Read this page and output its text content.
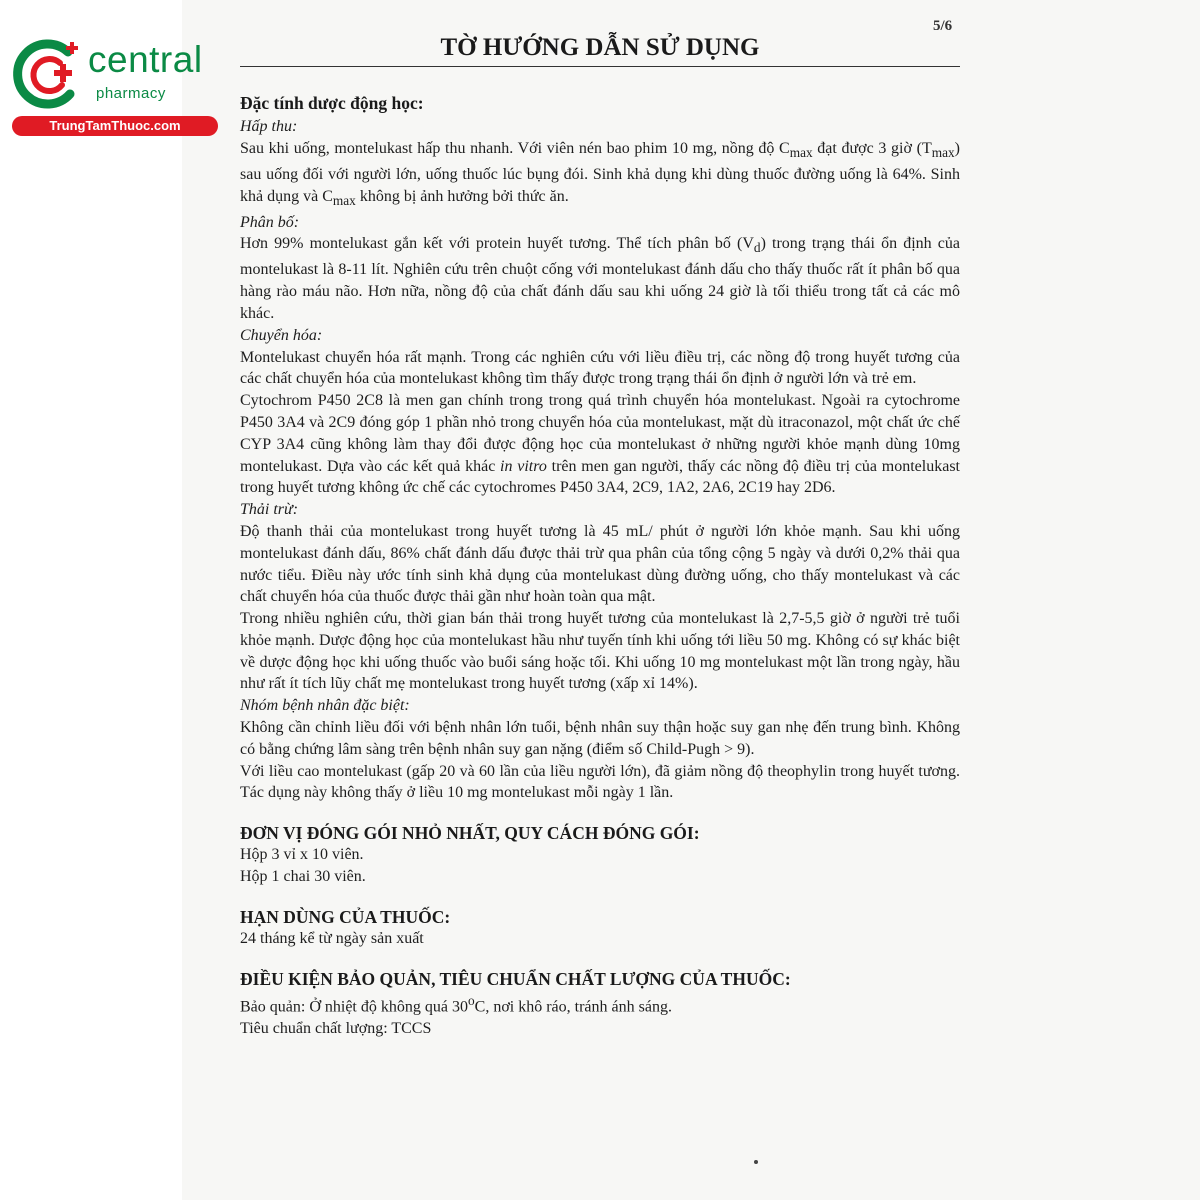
central

pharmacy
TrungTamThuoc.com
5/6
TỜ HƯỚNG DẪN SỬ DỤNG
Đặc tính dược động học:
Hấp thu:

Sau khi uống, montelukast hấp thu nhanh. Với viên nén bao phim 10 mg, nồng độ $C_{max}$ đạt được 3 giờ $(T_{max})$ sau uống đối với người lớn, uống thuốc lúc bụng đói. Sinh khả dụng khi dùng thuốc đường uống là 64%. Sinh khả dụng và $C_{max}$ không bị ảnh hưởng bởi thức ăn.

Phân bố:

Hơn 99% montelukast gắn kết với protein huyết tương. Thể tích phân bố $(V_d)$ trong trạng thái ổn định của montelukast là 8-11 lít. Nghiên cứu trên chuột cống với montelukast đánh dấu cho thấy thuốc rất ít phân bố qua hàng rào máu não. Hơn nữa, nồng độ của chất đánh dấu sau khi uống 24 giờ là tối thiểu trong tất cả các mô khác.

Chuyển hóa:

Montelukast chuyển hóa rất mạnh. Trong các nghiên cứu với liều điều trị, các nồng độ trong huyết tương của các chất chuyển hóa của montelukast không tìm thấy được trong trạng thái ổn định ở người lớn và trẻ em.

Cytochrom P450 2C8 là men gan chính trong trong quá trình chuyển hóa montelukast. Ngoài ra cytochrome P450 3A4 và 2C9 đóng góp 1 phần nhỏ trong chuyển hóa của montelukast, mặt dù itraconazol, một chất ức chế CYP 3A4 cũng không làm thay đổi được động học của montelukast ở những người khỏe mạnh dùng 10mg montelukast. Dựa vào các kết quả khác in vitro trên men gan người, thấy các nồng độ điều trị của montelukast trong huyết tương không ức chế các cytochromes P450 3A4, 2C9, 1A2, 2A6, 2C19 hay 2D6.

Thải trừ:

Độ thanh thải của montelukast trong huyết tương là 45 mL/ phút ở người lớn khỏe mạnh. Sau khi uống montelukast đánh dấu, 86% chất đánh dấu được thải trừ qua phân của tổng cộng 5 ngày và dưới 0,2% thải qua nước tiểu. Điều này ước tính sinh khả dụng của montelukast dùng đường uống, cho thấy montelukast và các chất chuyển hóa của thuốc được thải gần như hoàn toàn qua mật.

Trong nhiều nghiên cứu, thời gian bán thải trong huyết tương của montelukast là 2,7-5,5 giờ ở người trẻ tuổi khỏe mạnh. Dược động học của montelukast hầu như tuyến tính khi uống tới liều 50 mg. Không có sự khác biệt về dược động học khi uống thuốc vào buổi sáng hoặc tối. Khi uống 10 mg montelukast một lần trong ngày, hầu như rất ít tích lũy chất mẹ montelukast trong huyết tương (xấp xỉ 14%).

Nhóm bệnh nhân đặc biệt:

Không cần chỉnh liều đối với bệnh nhân lớn tuổi, bệnh nhân suy thận hoặc suy gan nhẹ đến trung bình. Không có bằng chứng lâm sàng trên bệnh nhân suy gan nặng (điểm số Child-Pugh > 9).

Với liều cao montelukast (gấp 20 và 60 lần của liều người lớn), đã giảm nồng độ theophylin trong huyết tương. Tác dụng này không thấy ở liều 10 mg montelukast mỗi ngày 1 lần.

ĐƠN VỊ ĐÓNG GÓI NHỎ NHẤT, QUY CÁCH ĐÓNG GÓI:

Hộp 3 vỉ x 10 viên.

Hộp 1 chai 30 viên.

HẠN DÙNG CỦA THUỐC:

24 tháng kể từ ngày sản xuất

ĐIỀU KIỆN BẢO QUẢN, TIÊU CHUẨN CHẤT LƯỢNG CỦA THUỐC:

Bảo quản: Ở nhiệt độ không quá 30$^o$C, nơi khô ráo, tránh ánh sáng.

Tiêu chuẩn chất lượng: TCCS
